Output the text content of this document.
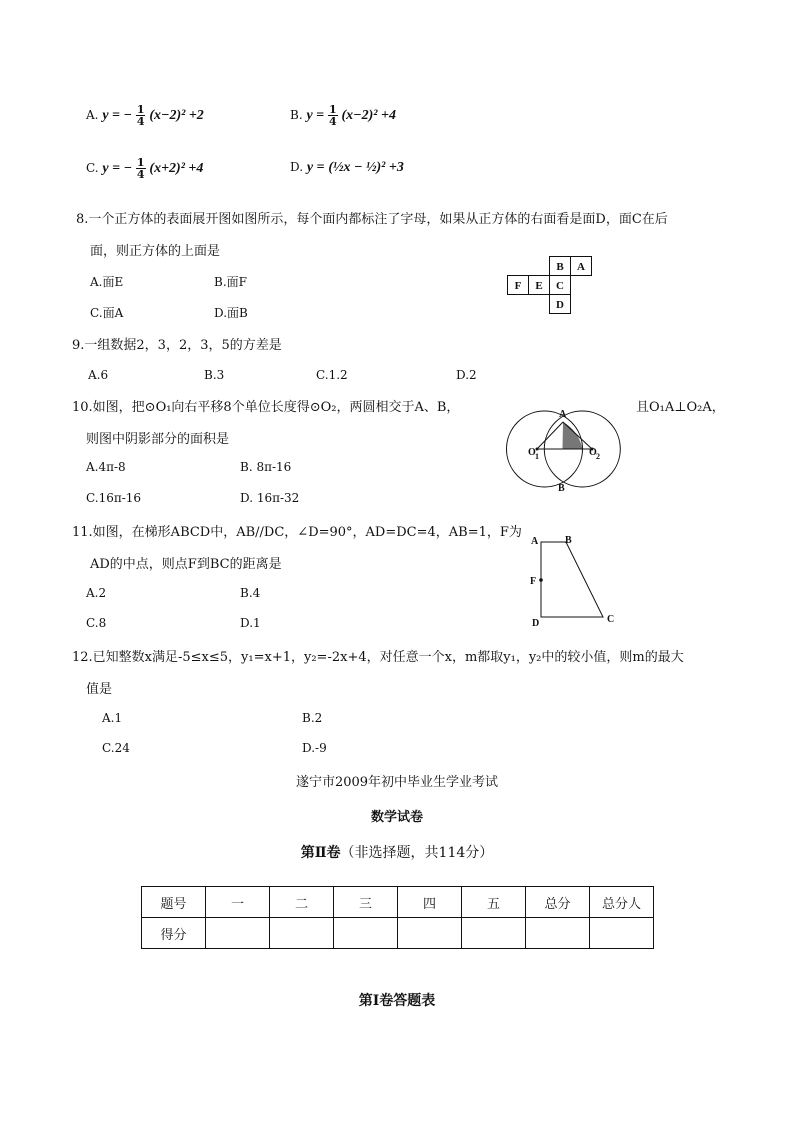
A. y = − $\frac{1}{4} (x-2)^2 +2$	B. $y = \frac{1}{4} (x-2)^2 +4$
C. y = − $\frac{1}{4} (x+2)^2 +4$	D. y = (½x − ½)² +3
8.一个正方体的表面展开图如图所示，每个面内都标注了字母，如果从正方体的右面看是面D，面C在后
面，则正方体的上面是
A.面E	B.面F
C.面A	D.面B
B A
F E C
D
9.一组数据2，3，2，3，5的方差是
A.6	B.3	C.1.2	D.2
10.如图，把⊙O₁向右平移8个单位长度得⊙O₂，两圆相交于A、B，	且O₁A⊥O₂A，
则图中阴影部分的面积是
A.4π-8	B. 8π-16
C.16π-16	D. 16π-32
A
B
O 1	O 2
11.如图，在梯形ABCD中，AB//DC，∠D=90°，AD=DC=4，AB=1，F为
AD的中点，则点F到BC的距离是
A.2	B.4
C.8	D.1
A	B
C
D
F
12.已知整数x满足-5≤x≤5，y₁=x+1，y₂=-2x+4，对任意一个x，m都取y₁，y₂中的较小值，则m的最大
值是
A.1	B.2
C.24	D.-9
遂宁市2009年初中毕业生学业考试
数学试卷
第Ⅱ卷（非选择题，共114分）
题号	一	二	三	四	五	总分	总分人
得分							
第Ⅰ卷答题表
